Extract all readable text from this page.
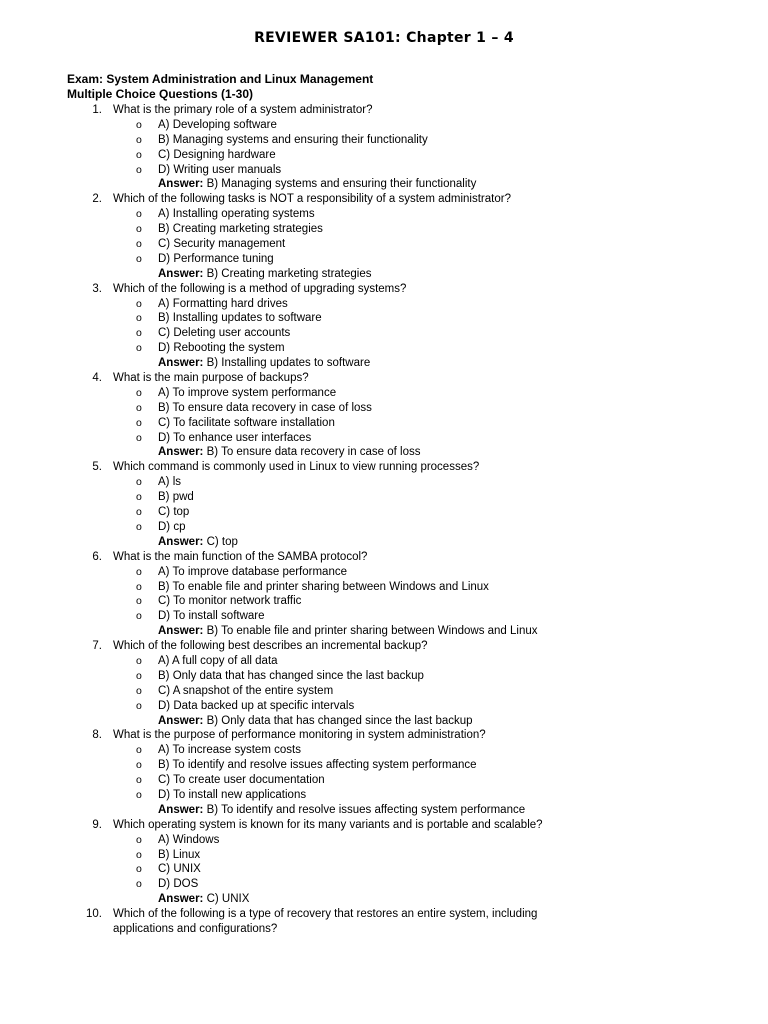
REVIEWER SA101: Chapter 1 – 4
Exam: System Administration and Linux Management
Multiple Choice Questions (1-30)
1. What is the primary role of a system administrator?
o A) Developing software
o B) Managing systems and ensuring their functionality
o C) Designing hardware
o D) Writing user manuals
Answer: B) Managing systems and ensuring their functionality
2. Which of the following tasks is NOT a responsibility of a system administrator?
o A) Installing operating systems
o B) Creating marketing strategies
o C) Security management
o D) Performance tuning
Answer: B) Creating marketing strategies
3. Which of the following is a method of upgrading systems?
o A) Formatting hard drives
o B) Installing updates to software
o C) Deleting user accounts
o D) Rebooting the system
Answer: B) Installing updates to software
4. What is the main purpose of backups?
o A) To improve system performance
o B) To ensure data recovery in case of loss
o C) To facilitate software installation
o D) To enhance user interfaces
Answer: B) To ensure data recovery in case of loss
5. Which command is commonly used in Linux to view running processes?
o A) ls
o B) pwd
o C) top
o D) cp
Answer: C) top
6. What is the main function of the SAMBA protocol?
o A) To improve database performance
o B) To enable file and printer sharing between Windows and Linux
o C) To monitor network traffic
o D) To install software
Answer: B) To enable file and printer sharing between Windows and Linux
7. Which of the following best describes an incremental backup?
o A) A full copy of all data
o B) Only data that has changed since the last backup
o C) A snapshot of the entire system
o D) Data backed up at specific intervals
Answer: B) Only data that has changed since the last backup
8. What is the purpose of performance monitoring in system administration?
o A) To increase system costs
o B) To identify and resolve issues affecting system performance
o C) To create user documentation
o D) To install new applications
Answer: B) To identify and resolve issues affecting system performance
9. Which operating system is known for its many variants and is portable and scalable?
o A) Windows
o B) Linux
o C) UNIX
o D) DOS
Answer: C) UNIX
10. Which of the following is a type of recovery that restores an entire system, including
applications and configurations?
